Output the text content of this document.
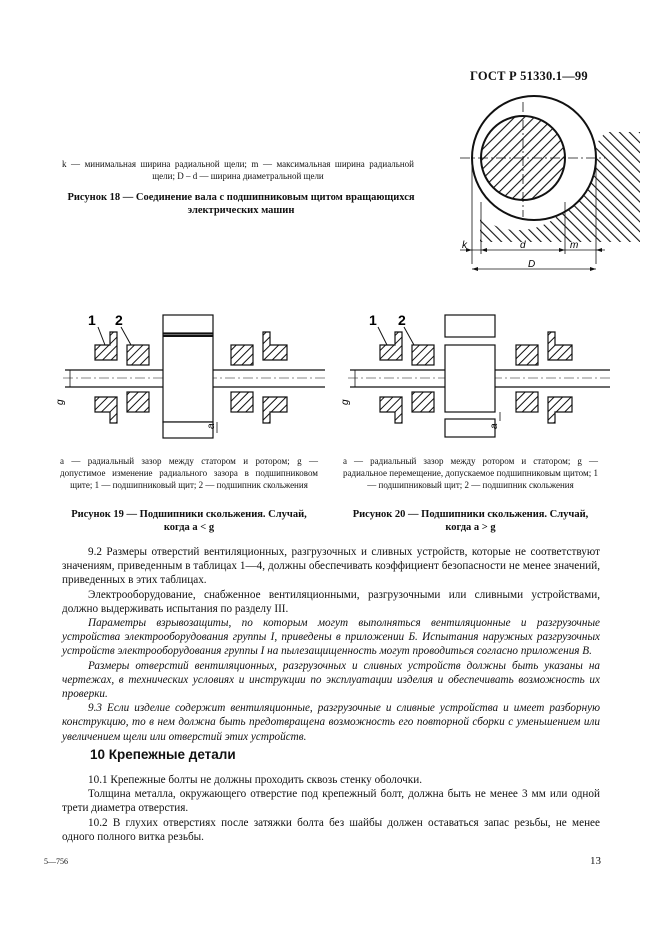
ГОСТ Р 51330.1—99
k — минимальная ширина радиальной щели; m — максимальная ширина радиальной щели; D – d — ширина диаметральной щели
Рисунок 18 — Соединение вала с подшипниковым щитом вращающихся электрических машин
k	d	m
D
1 2
g
a
1 2
g
a
a — радиальный зазор между статором и ротором; g — допустимое изменение радиального зазора в подшипниковом щите; 1 — подшипниковый щит; 2 — подшипник скольжения
a — радиальный зазор между ротором и статором; g — радиальное перемещение, допускаемое подшипниковым щитом; 1 — подшипниковый щит; 2 — подшипник скольжения
Рисунок 19 — Подшипники скольжения. Случай, когда a < g
Рисунок 20 — Подшипники скольжения. Случай, когда a > g

9.2 Размеры отверстий вентиляционных, разгрузочных и сливных устройств, которые не соответствуют значениям, приведенным в таблицах 1—4, должны обеспечивать коэффициент безопасности не менее значений, приведенных в этих таблицах.

Электрооборудование, снабженное вентиляционными, разгрузочными или сливными устройствами, должно выдерживать испытания по разделу III.

Параметры взрывозащиты, по которым могут выполняться вентиляционные и разгрузочные устройства электрооборудования группы I, приведены в приложении Б. Испытания наружных разгрузочных устройств электрооборудования группы I на пылезащищенность могут проводиться согласно приложения В.

Размеры отверстий вентиляционных, разгрузочных и сливных устройств должны быть указаны на чертежах, в технических условиях и инструкции по эксплуатации изделия и обеспечивать возможность их проверки.

9.3 Если изделие содержит вентиляционные, разгрузочные и сливные устройства и имеет разборную конструкцию, то в нем должна быть предотвращена возможность его повторной сборки с уменьшением или увеличением щели или отверстий этих устройств.

10 Крепежные детали

10.1 Крепежные болты не должны проходить сквозь стенку оболочки.

Толщина металла, окружающего отверстие под крепежный болт, должна быть не менее 3 мм или одной трети диаметра отверстия.

10.2 В глухих отверстиях после затяжки болта без шайбы должен оставаться запас резьбы, не менее одного полного витка резьбы.

5—756	13
